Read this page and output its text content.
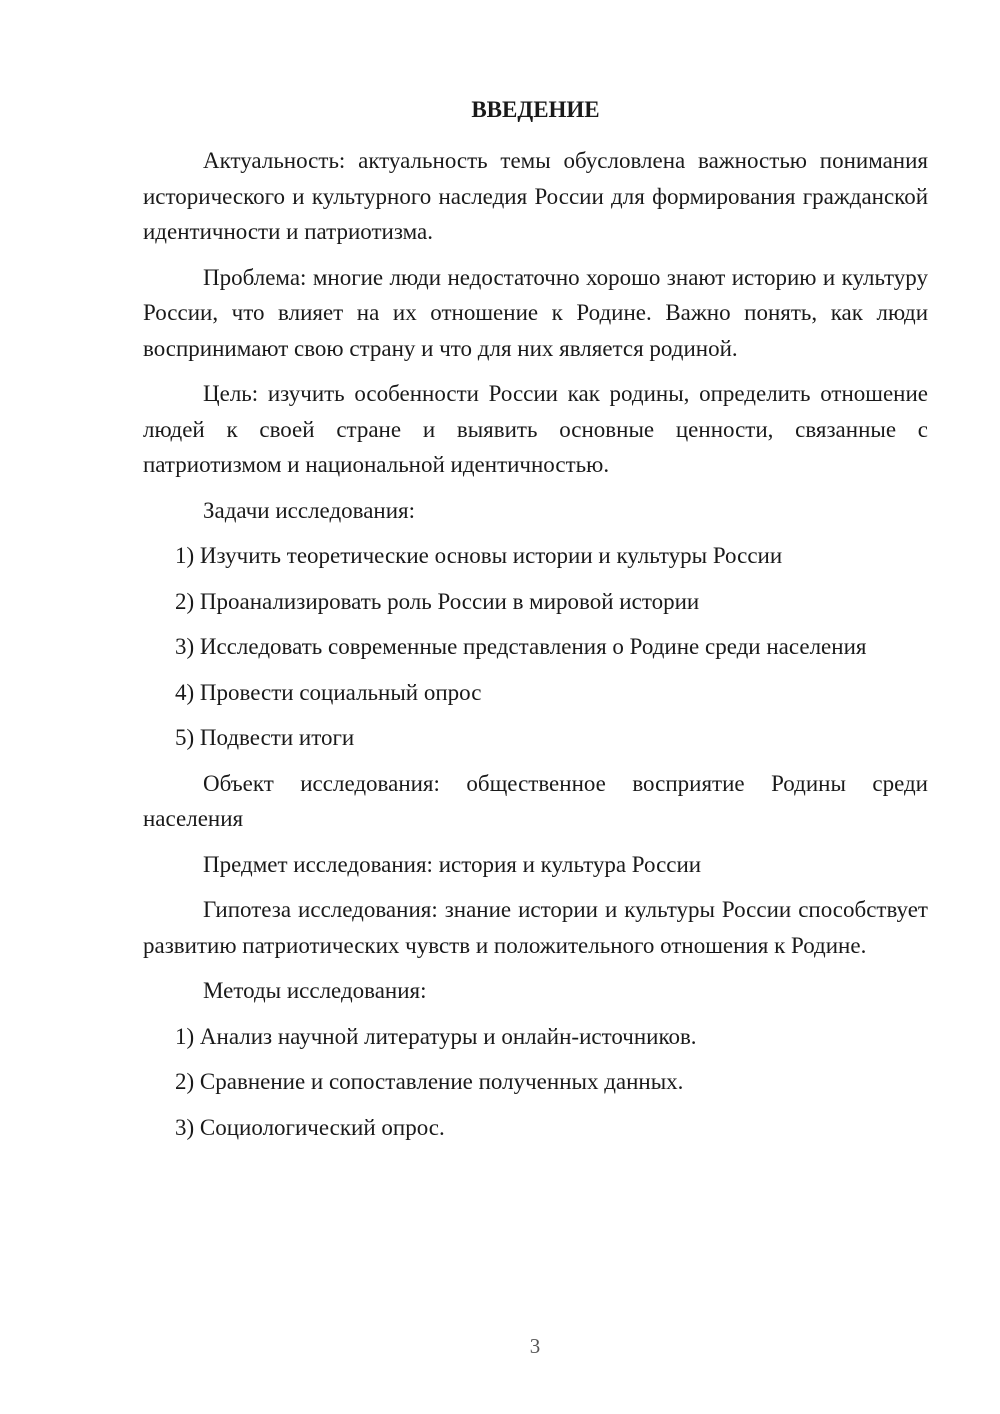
ВВЕДЕНИЕ

Актуальность: актуальность темы обусловлена важностью понимания исторического и культурного наследия России для формирования гражданской идентичности и патриотизма.

Проблема: многие люди недостаточно хорошо знают историю и культуру России, что влияет на их отношение к Родине. Важно понять, как люди воспринимают свою страну и что для них является родиной.

Цель: изучить особенности России как родины, определить отношение людей к своей стране и выявить основные ценности, связанные с патриотизмом и национальной идентичностью.

Задачи исследования:

1) Изучить теоретические основы истории и культуры России
2) Проанализировать роль России в мировой истории
3) Исследовать современные представления о Родине среди населения
4) Провести социальный опрос
5) Подвести итоги

Объект исследования: общественное восприятие Родины среди населения

Предмет исследования: история и культура России

Гипотеза исследования: знание истории и культуры России способствует развитию патриотических чувств и положительного отношения к Родине.

Методы исследования:

1) Анализ научной литературы и онлайн-источников.
2) Сравнение и сопоставление полученных данных.
3) Социологический опрос.
3
